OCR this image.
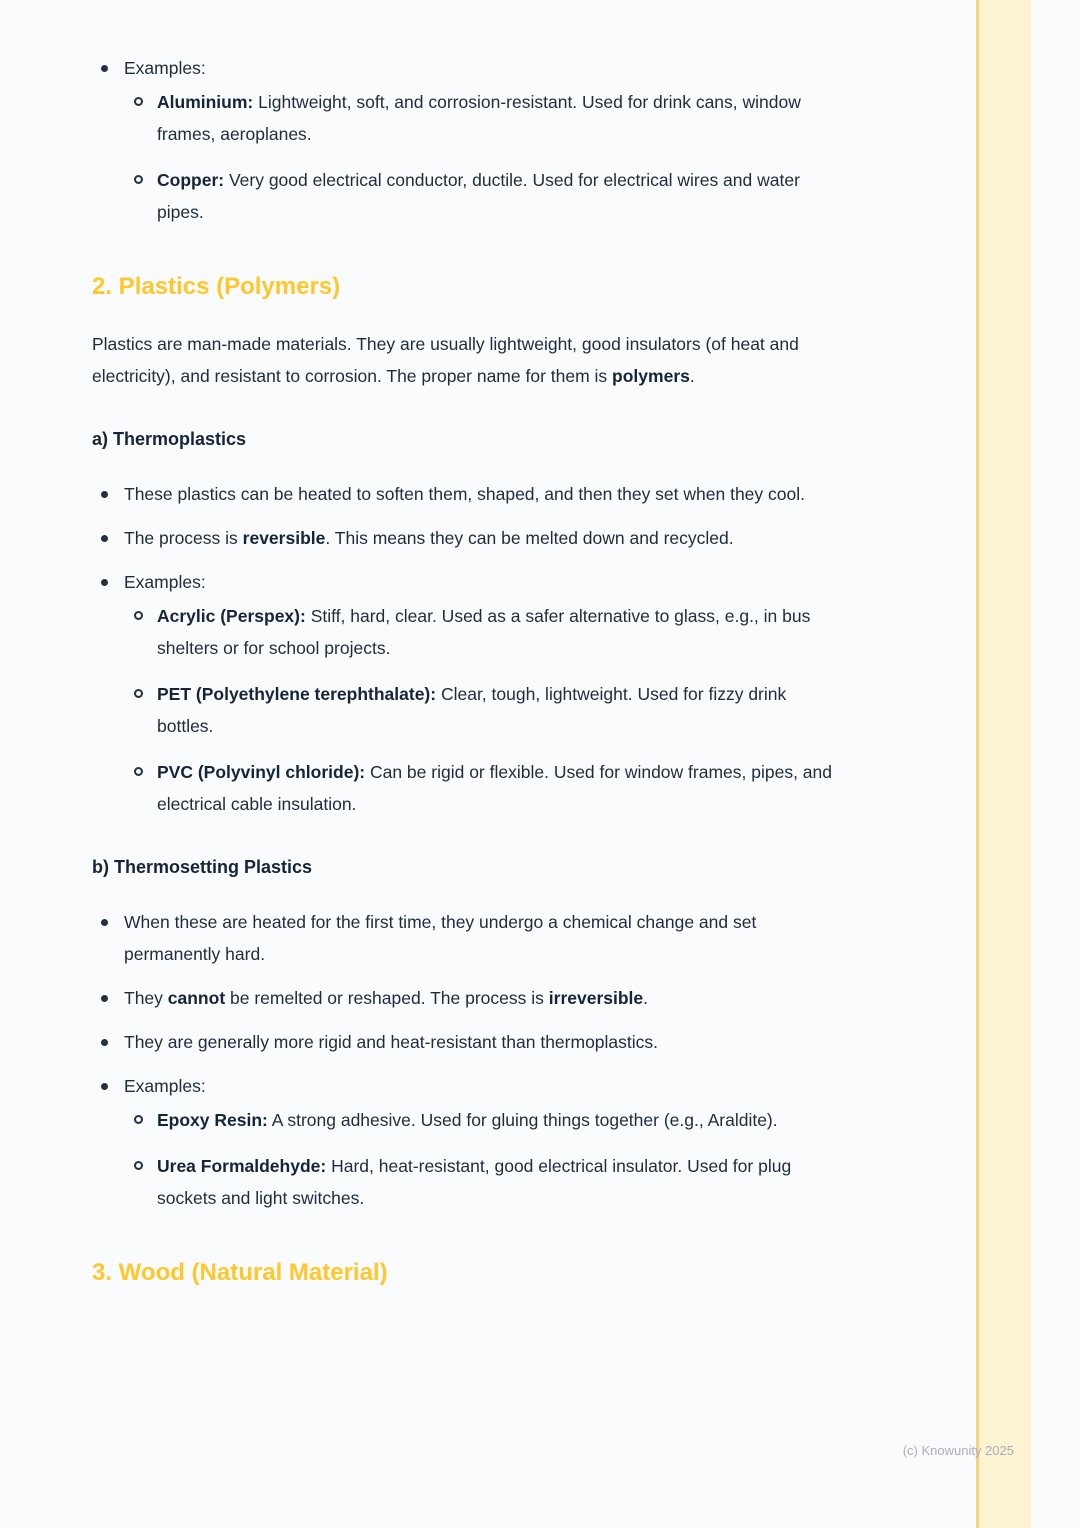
Examples:
Aluminium: Lightweight, soft, and corrosion-resistant. Used for drink cans, window frames, aeroplanes.
Copper: Very good electrical conductor, ductile. Used for electrical wires and water pipes.
2. Plastics (Polymers)

Plastics are man-made materials. They are usually lightweight, good insulators (of heat and electricity), and resistant to corrosion. The proper name for them is polymers.

a) Thermoplastics
These plastics can be heated to soften them, shaped, and then they set when they cool.
The process is reversible. This means they can be melted down and recycled.
Examples:
Acrylic (Perspex): Stiff, hard, clear. Used as a safer alternative to glass, e.g., in bus shelters or for school projects.
PET (Polyethylene terephthalate): Clear, tough, lightweight. Used for fizzy drink bottles.
PVC (Polyvinyl chloride): Can be rigid or flexible. Used for window frames, pipes, and electrical cable insulation.
b) Thermosetting Plastics
When these are heated for the first time, they undergo a chemical change and set permanently hard.
They cannot be remelted or reshaped. The process is irreversible.
They are generally more rigid and heat-resistant than thermoplastics.
Examples:
Epoxy Resin: A strong adhesive. Used for gluing things together (e.g., Araldite).
Urea Formaldehyde: Hard, heat-resistant, good electrical insulator. Used for plug sockets and light switches.
3. Wood (Natural Material)
(c) Knowunity 2025
